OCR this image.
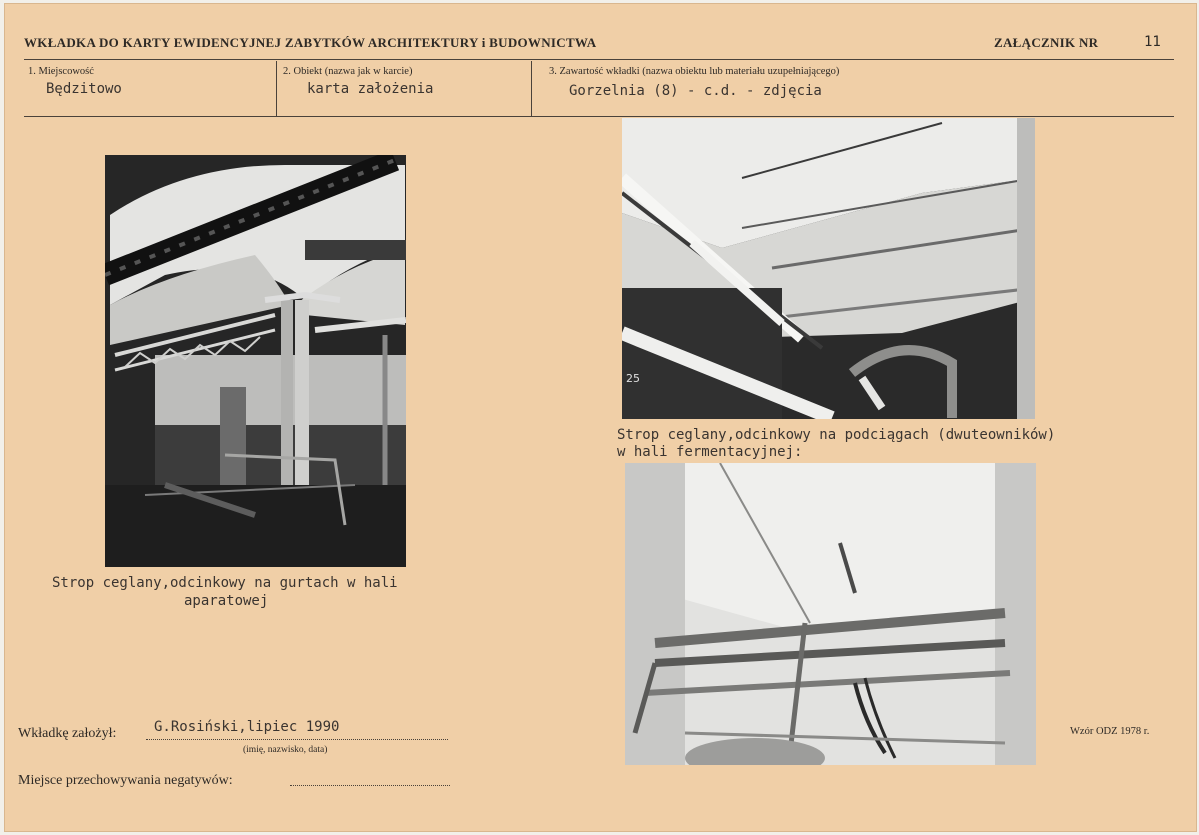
WKŁADKA DO KARTY EWIDENCYJNEJ ZABYTKÓW ARCHITEKTURY i BUDOWNICTWA	ZAŁĄCZNIK NR	11
1. Miejscowość
Będzitowo
2. Obiekt (nazwa jak w karcie)
karta założenia
3. Zawartość wkładki (nazwa obiektu lub materiału uzupełniającego)
Gorzelnia (8) - c.d. - zdjęcia
Strop ceglany,odcinkowy na gurtach w hali
aparatowej
25
Strop ceglany,odcinkowy na podciągach (dwuteowników)
w hali fermentacyjnej:
Wkładkę założył:	G.Rosiński,lipiec 1990
(imię, nazwisko, data)
Miejsce przechowywania negatywów:
Wzór ODZ 1978 r.
